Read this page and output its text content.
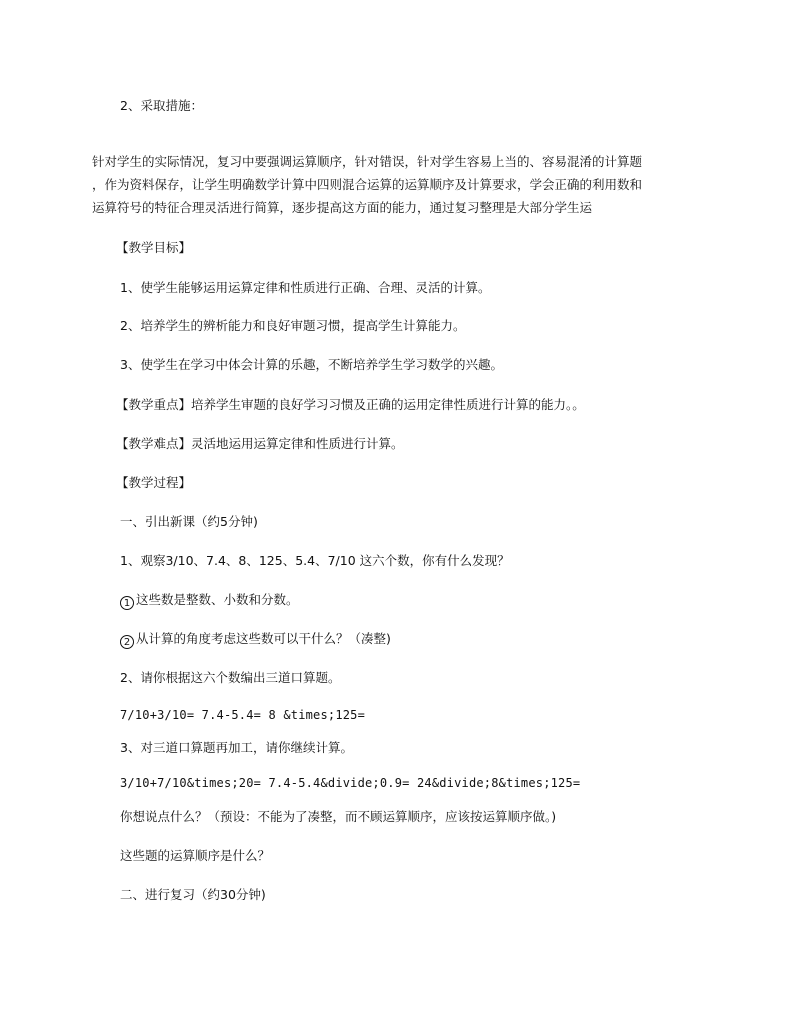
2、采取措施：
针对学生的实际情况，复习中要强调运算顺序，针对错误，针对学生容易上当的、容易混淆的计算题
，作为资料保存，让学生明确数学计算中四则混合运算的运算顺序及计算要求，学会正确的利用数和
运算符号的特征合理灵活进行简算，逐步提高这方面的能力，通过复习整理是大部分学生运
【教学目标】
1、使学生能够运用运算定律和性质进行正确、合理、灵活的计算。
2、培养学生的辨析能力和良好审题习惯，提高学生计算能力。
3、使学生在学习中体会计算的乐趣，不断培养学生学习数学的兴趣。
【教学重点】培养学生审题的良好学习习惯及正确的运用定律性质进行计算的能力。。
【教学难点】灵活地运用运算定律和性质进行计算。
【教学过程】
一、引出新课（约5分钟)
1、观察3/10、7.4、8、125、5.4、7/10 这六个数，你有什么发现？
1 这些数是整数、小数和分数。
2 从计算的角度考虑这些数可以干什么？（凑整)
2、请你根据这六个数编出三道口算题。
7/10+3/10= 7.4-5.4= 8 &times;125=
3、对三道口算题再加工，请你继续计算。
3/10+7/10&times;20= 7.4-5.4&divide;0.9= 24&divide;8&times;125=
你想说点什么？（预设：不能为了凑整，而不顾运算顺序，应该按运算顺序做。)
这些题的运算顺序是什么？
二、进行复习（约30分钟)
